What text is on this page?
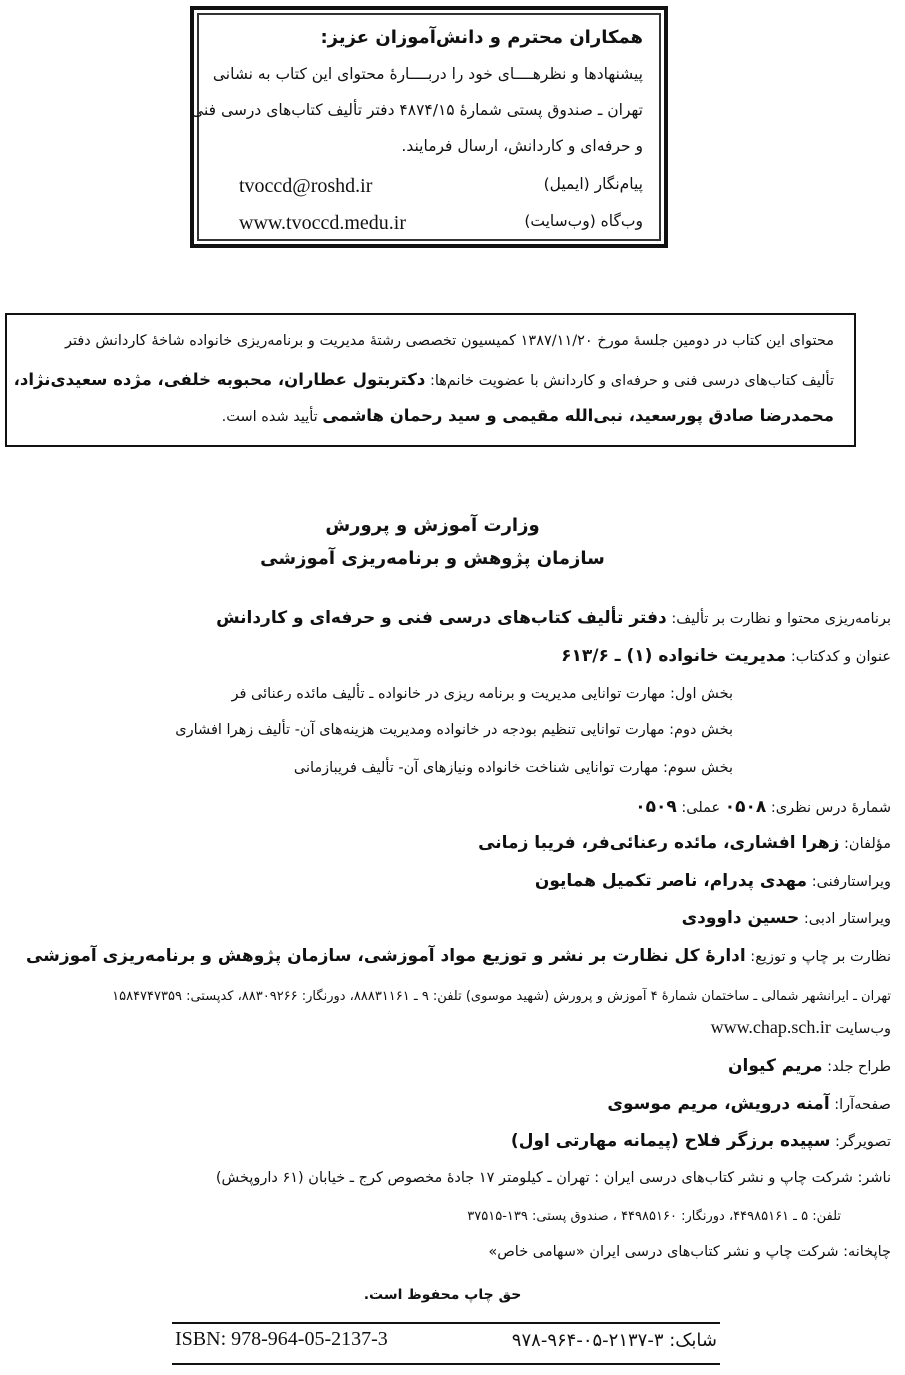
همکاران محترم و دانش‌آموزان عزیز:
پیشنهادها و نظرهــــای خود را دربــــارهٔ محتوای این کتاب به نشانی
تهران ـ صندوق پستی شمارهٔ ۴۸۷۴/۱۵ دفتر تألیف کتاب‌های درسی فنی
و حرفه‌ای و کاردانش، ارسال فرمایند.
پیام‌نگار (ایمیل)
tvoccd@roshd.ir
وب‌گاه (وب‌سایت)
www.tvoccd.medu.ir
محتوای این کتاب در دومین جلسهٔ مورخ ۱۳۸۷/۱۱/۲۰ کمیسیون تخصصی رشتهٔ مدیریت و برنامه‌ریزی خانواده شاخهٔ کاردانش دفتر
تألیف کتاب‌های درسی فنی و حرفه‌ای و کاردانش با عضویت خانم‌ها: دکتربتول عطاران، محبوبه خلفی، مژده سعیدی‌نژاد،
محمدرضا صادق پورسعید، نبی‌الله مقیمی و سید رحمان هاشمی تأیید شده است.
وزارت آموزش و پرورش
سازمان پژوهش و برنامه‌ریزی آموزشی
برنامه‌ریزی محتوا و نظارت بر تألیف: دفتر تألیف کتاب‌های درسی فنی و حرفه‌ای و کاردانش
عنوان و کدکتاب: مدیریت خانواده (۱) ـ ۶۱۳/۶
بخش اول: مهارت توانایی مدیریت و برنامه ریزی در خانواده ـ تألیف مائده رعنائی فر
بخش دوم: مهارت توانایی تنظیم بودجه در خانواده ومدیریت هزینه‌های آن- تألیف زهرا افشاری
بخش سوم: مهارت توانایی شناخت خانواده ونیازهای آن- تألیف فریبازمانی
شمارهٔ درس نظری: ۰۵۰۸ عملی: ۰۵۰۹
مؤلفان: زهرا افشاری، مائده رعنائی‌فر، فریبا زمانی
ویراستارفنی: مهدی پدرام، ناصر تکمیل همایون
ویراستار ادبی: حسین داوودی
نظارت بر چاپ و توزیع: ادارهٔ کل نظارت بر نشر و توزیع مواد آموزشی، سازمان پژوهش و برنامه‌ریزی آموزشی
تهران ـ ایرانشهر شمالی ـ ساختمان شمارهٔ ۴ آموزش و پرورش (شهید موسوی) تلفن: ۹ ـ ۸۸۸۳۱۱۶۱، دورنگار: ۸۸۳۰۹۲۶۶، کدپستی: ۱۵۸۴۷۴۷۳۵۹
وب‌سایت www.chap.sch.ir
طراح جلد: مریم کیوان
صفحه‌آرا: آمنه درویش، مریم موسوی
تصویرگر: سپیده برزگر فلاح (پیمانه مهارتی اول)
ناشر: شرکت چاپ و نشر کتاب‌های درسی ایران : تهران ـ کیلومتر ۱۷ جادهٔ مخصوص کرج ـ خیابان (۶۱ داروپخش)
تلفن: ۵ ـ ۴۴۹۸۵۱۶۱، دورنگار: ۴۴۹۸۵۱۶۰ ، صندوق پستی: ۱۳۹-۳۷۵۱۵
چاپخانه: شرکت چاپ و نشر کتاب‌های درسی ایران «سهامی خاص»
حق چاپ محفوظ است.
ISBN: 978-964-05-2137-3	شابک: ۳-۲۱۳۷-۰۵-۹۶۴-۹۷۸
